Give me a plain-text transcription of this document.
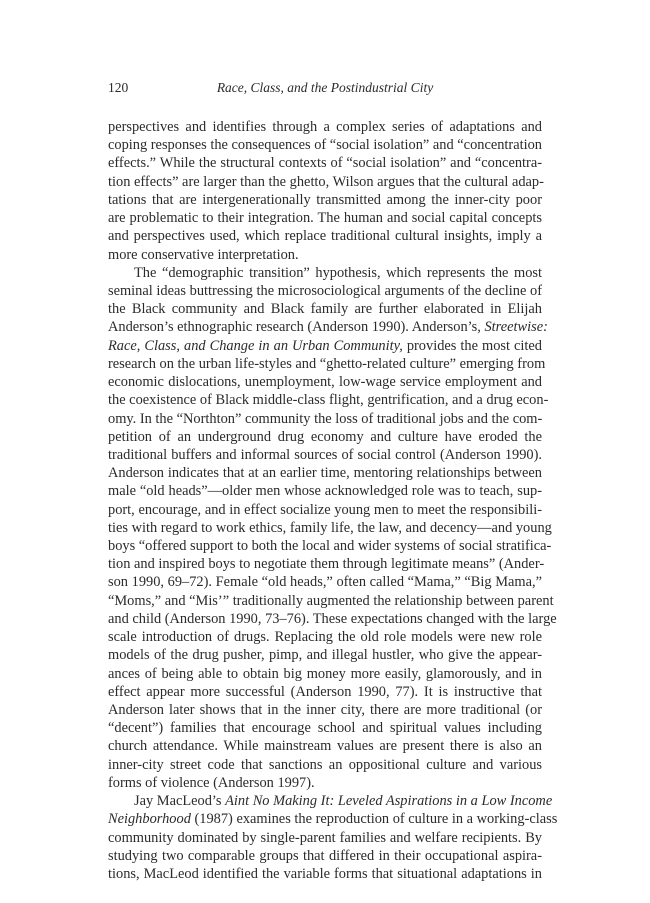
120	Race, Class, and the Postindustrial City
perspectives and identifies through a complex series of adaptations and
coping responses the consequences of “social isolation” and “concentration
effects.” While the structural contexts of “social isolation” and “concentra-
tion effects” are larger than the ghetto, Wilson argues that the cultural adap-
tations that are intergenerationally transmitted among the inner-city poor
are problematic to their integration. The human and social capital concepts
and perspectives used, which replace traditional cultural insights, imply a
more conservative interpretation.
The “demographic transition” hypothesis, which represents the most
seminal ideas buttressing the microsociological arguments of the decline of
the Black community and Black family are further elaborated in Elijah
Anderson’s ethnographic research (Anderson 1990). Anderson’s, Streetwise:
Race, Class, and Change in an Urban Community, provides the most cited
research on the urban life-styles and “ghetto-related culture” emerging from
economic dislocations, unemployment, low-wage service employment and
the coexistence of Black middle-class flight, gentrification, and a drug econ-
omy. In the “Northton” community the loss of traditional jobs and the com-
petition of an underground drug economy and culture have eroded the
traditional buffers and informal sources of social control (Anderson 1990).
Anderson indicates that at an earlier time, mentoring relationships between
male “old heads”—older men whose acknowledged role was to teach, sup-
port, encourage, and in effect socialize young men to meet the responsibili-
ties with regard to work ethics, family life, the law, and decency—and young
boys “offered support to both the local and wider systems of social stratifica-
tion and inspired boys to negotiate them through legitimate means” (Ander-
son 1990, 69–72). Female “old heads,” often called “Mama,” “Big Mama,”
“Moms,” and “Mis’” traditionally augmented the relationship between parent
and child (Anderson 1990, 73–76). These expectations changed with the large
scale introduction of drugs. Replacing the old role models were new role
models of the drug pusher, pimp, and illegal hustler, who give the appear-
ances of being able to obtain big money more easily, glamorously, and in
effect appear more successful (Anderson 1990, 77). It is instructive that
Anderson later shows that in the inner city, there are more traditional (or
“decent”) families that encourage school and spiritual values including
church attendance. While mainstream values are present there is also an
inner-city street code that sanctions an oppositional culture and various
forms of violence (Anderson 1997).
Jay MacLeod’s Aint No Making It: Leveled Aspirations in a Low Income
Neighborhood (1987) examines the reproduction of culture in a working-class
community dominated by single-parent families and welfare recipients. By
studying two comparable groups that differed in their occupational aspira-
tions, MacLeod identified the variable forms that situational adaptations in
